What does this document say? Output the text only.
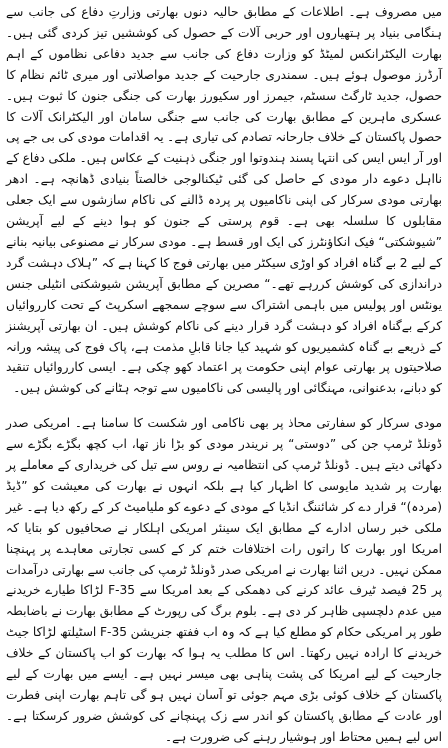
میں مصروف ہے۔ اطلاعات کے مطابق حالیہ دنوں بھارتی وزارتِ دفاع کی جانب سے ہنگامی بنیاد پر ہتھیاروں اور حربی آلات کے حصول کی کوششیں تیز کردی گئی ہیں۔ بھارت الیکٹرانکس لمیٹڈ کو وزارت دفاع کی جانب سے جدید دفاعی نظاموں کے اہم آرڈرز موصول ہوئے ہیں۔ سمندری جارحیت کے جدید مواصلاتی اور میری ٹائم نظام کا حصول، جدید ٹارگٹ سسٹم، جیمرز اور سکیورز بھارت کی جنگی جنون کا ثبوت ہیں۔ عسکری ماہرین کے مطابق بھارت کی جانب سے جنگی سامان اور الیکٹرانک آلات کا حصول پاکستان کے خلاف جارحانہ تصادم کی تیاری ہے۔ یہ اقدامات مودی کی بی جے پی اور آر ایس ایس کی انتہا پسند ہندوتوا اور جنگی ذہنیت کے عکاس ہیں۔ ملکی دفاع کے نااہل دعوے دار مودی کے حاصل کی گئی ٹیکنالوجی خالصتاً بنیادی ڈھانچہ ہے۔ ادھر بھارتی مودی سرکار کی اپنی ناکامیوں پر پردہ ڈالنے کی ناکام سازشوں سے ایک جعلی مقابلوں کا سلسلہ بھی ہے۔ قوم پرستی کے جنون کو ہوا دینے کے لیے آپریشن ”شیوشکتی“ فیک انکاؤنٹرز کی ایک اور قسط ہے۔ مودی سرکار نے مصنوعی بیانیہ بنانے کے لیے 2 بے گناہ افراد کو اوڑی سیکٹر میں بھارتی فوج کا کہنا ہے کہ ”ہلاک دہشت گرد دراندازی کی کوشش کررہے تھے۔“ مصرین کے مطابق آپریشن شیوشکتی انٹیلی جنس یونٹس اور پولیس میں باہمی اشتراک سے سوچے سمجھے اسکرپٹ کے تحت کارروائیاں کرکے بےگناہ افراد کو دہشت گرد قرار دینے کی ناکام کوشش ہیں۔ ان بھارتی آپریشنز کے ذریعے بے گناہ کشمیریوں کو شہید کیا جانا قابلِ مذمت ہے، پاک فوج کی پیشہ ورانہ صلاحیتوں پر بھارتی عوام اپنی حکومت پر اعتماد کھو چکی ہے۔ ایسی کارروائیاں تنقید کو دبانے، بدعنوانی، مہنگائی اور پالیسی کی ناکامیوں سے توجہ ہٹانے کی کوشش ہیں۔

مودی سرکار کو سفارتی محاذ پر بھی ناکامی اور شکست کا سامنا ہے۔ امریکی صدر ڈونلڈ ٹرمپ جن کی ”دوستی“ پر نریندر مودی کو بڑا ناز تھا، اب کچھ بگڑے بگڑے سے دکھائی دیتے ہیں۔ ڈونلڈ ٹرمپ کی انتظامیہ نے روس سے تیل کی خریداری کے معاملے پر بھارت پر شدید مایوسی کا اظہار کیا ہے بلکہ انہوں نے بھارت کی معیشت کو ”ڈیڈ (مردہ)“ قرار دے کر شائننگ انڈیا کے مودی کے دعوے کو ملیامیٹ کر کے رکھ دیا ہے۔ غیر ملکی خبر رساں ادارے کے مطابق ایک سینئر امریکی اہلکار نے صحافیوں کو بتایا کہ امریکا اور بھارت کا راتوں رات اختلافات ختم کر کے کسی تجارتی معاہدے پر پہنچنا ممکن نہیں۔ دریں اثنا بھارت نے امریکی صدر ڈونلڈ ٹرمپ کی جانب سے بھارتی درآمدات پر 25 فیصد ٹیرف عائد کرنے کی دھمکی کے بعد امریکا سے F-35 لڑاکا طیارے خریدنے میں عدم دلچسپی ظاہر کر دی ہے۔ بلوم برگ کی رپورٹ کے مطابق بھارت نے باضابطہ طور پر امریکی حکام کو مطلع کیا ہے کہ وہ اب ففتھ جنریشن F-35 اسٹیلتھ لڑاکا جیٹ خریدنے کا ارادہ نہیں رکھتا۔ اس کا مطلب یہ ہوا کہ بھارت کو اب پاکستان کے خلاف جارحیت کے لیے امریکا کی پشت پناہی بھی میسر نہیں ہے۔ ایسے میں بھارت کے لیے پاکستان کے خلاف کوئی بڑی مہم جوئی تو آسان نہیں ہو گی تاہم بھارت اپنی فطرت اور عادت کے مطابق پاکستان کو اندر سے زک پہنچانے کی کوشش ضرور کرسکتا ہے۔ اس لیے ہمیں محتاط اور ہوشیار رہنے کی ضرورت ہے۔
